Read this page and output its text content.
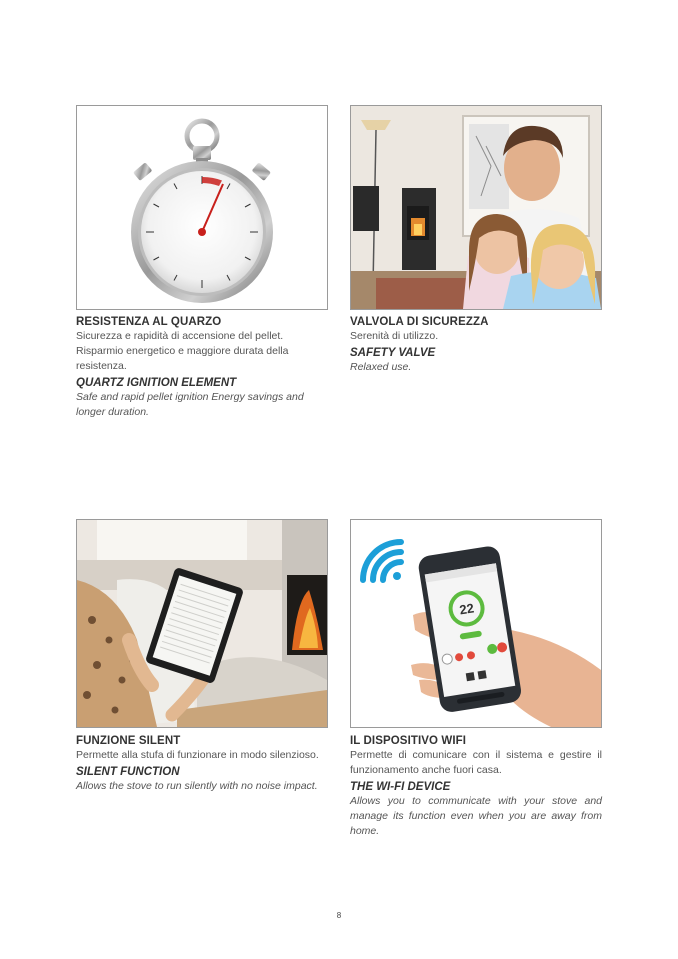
RESISTENZA AL QUARZO

Sicurezza e rapidità di accensione del pellet. Risparmio energetico e maggiore durata della resistenza.

QUARTZ IGNITION ELEMENT

Safe and rapid pellet ignition Energy savings and longer duration.

VALVOLA DI SICUREZZA

Serenità di utilizzo.

SAFETY VALVE

Relaxed use.

FUNZIONE SILENT

Permette alla stufa di funzionare in modo silenzioso.

SILENT FUNCTION

Allows the stove to run silently with no noise impact.

22

IL DISPOSITIVO WIFI

Permette di comunicare con il sistema e gestire il funzionamento anche fuori casa.

THE WI-FI DEVICE

Allows you to communicate with your stove and manage its function even when you are away from home.

8
